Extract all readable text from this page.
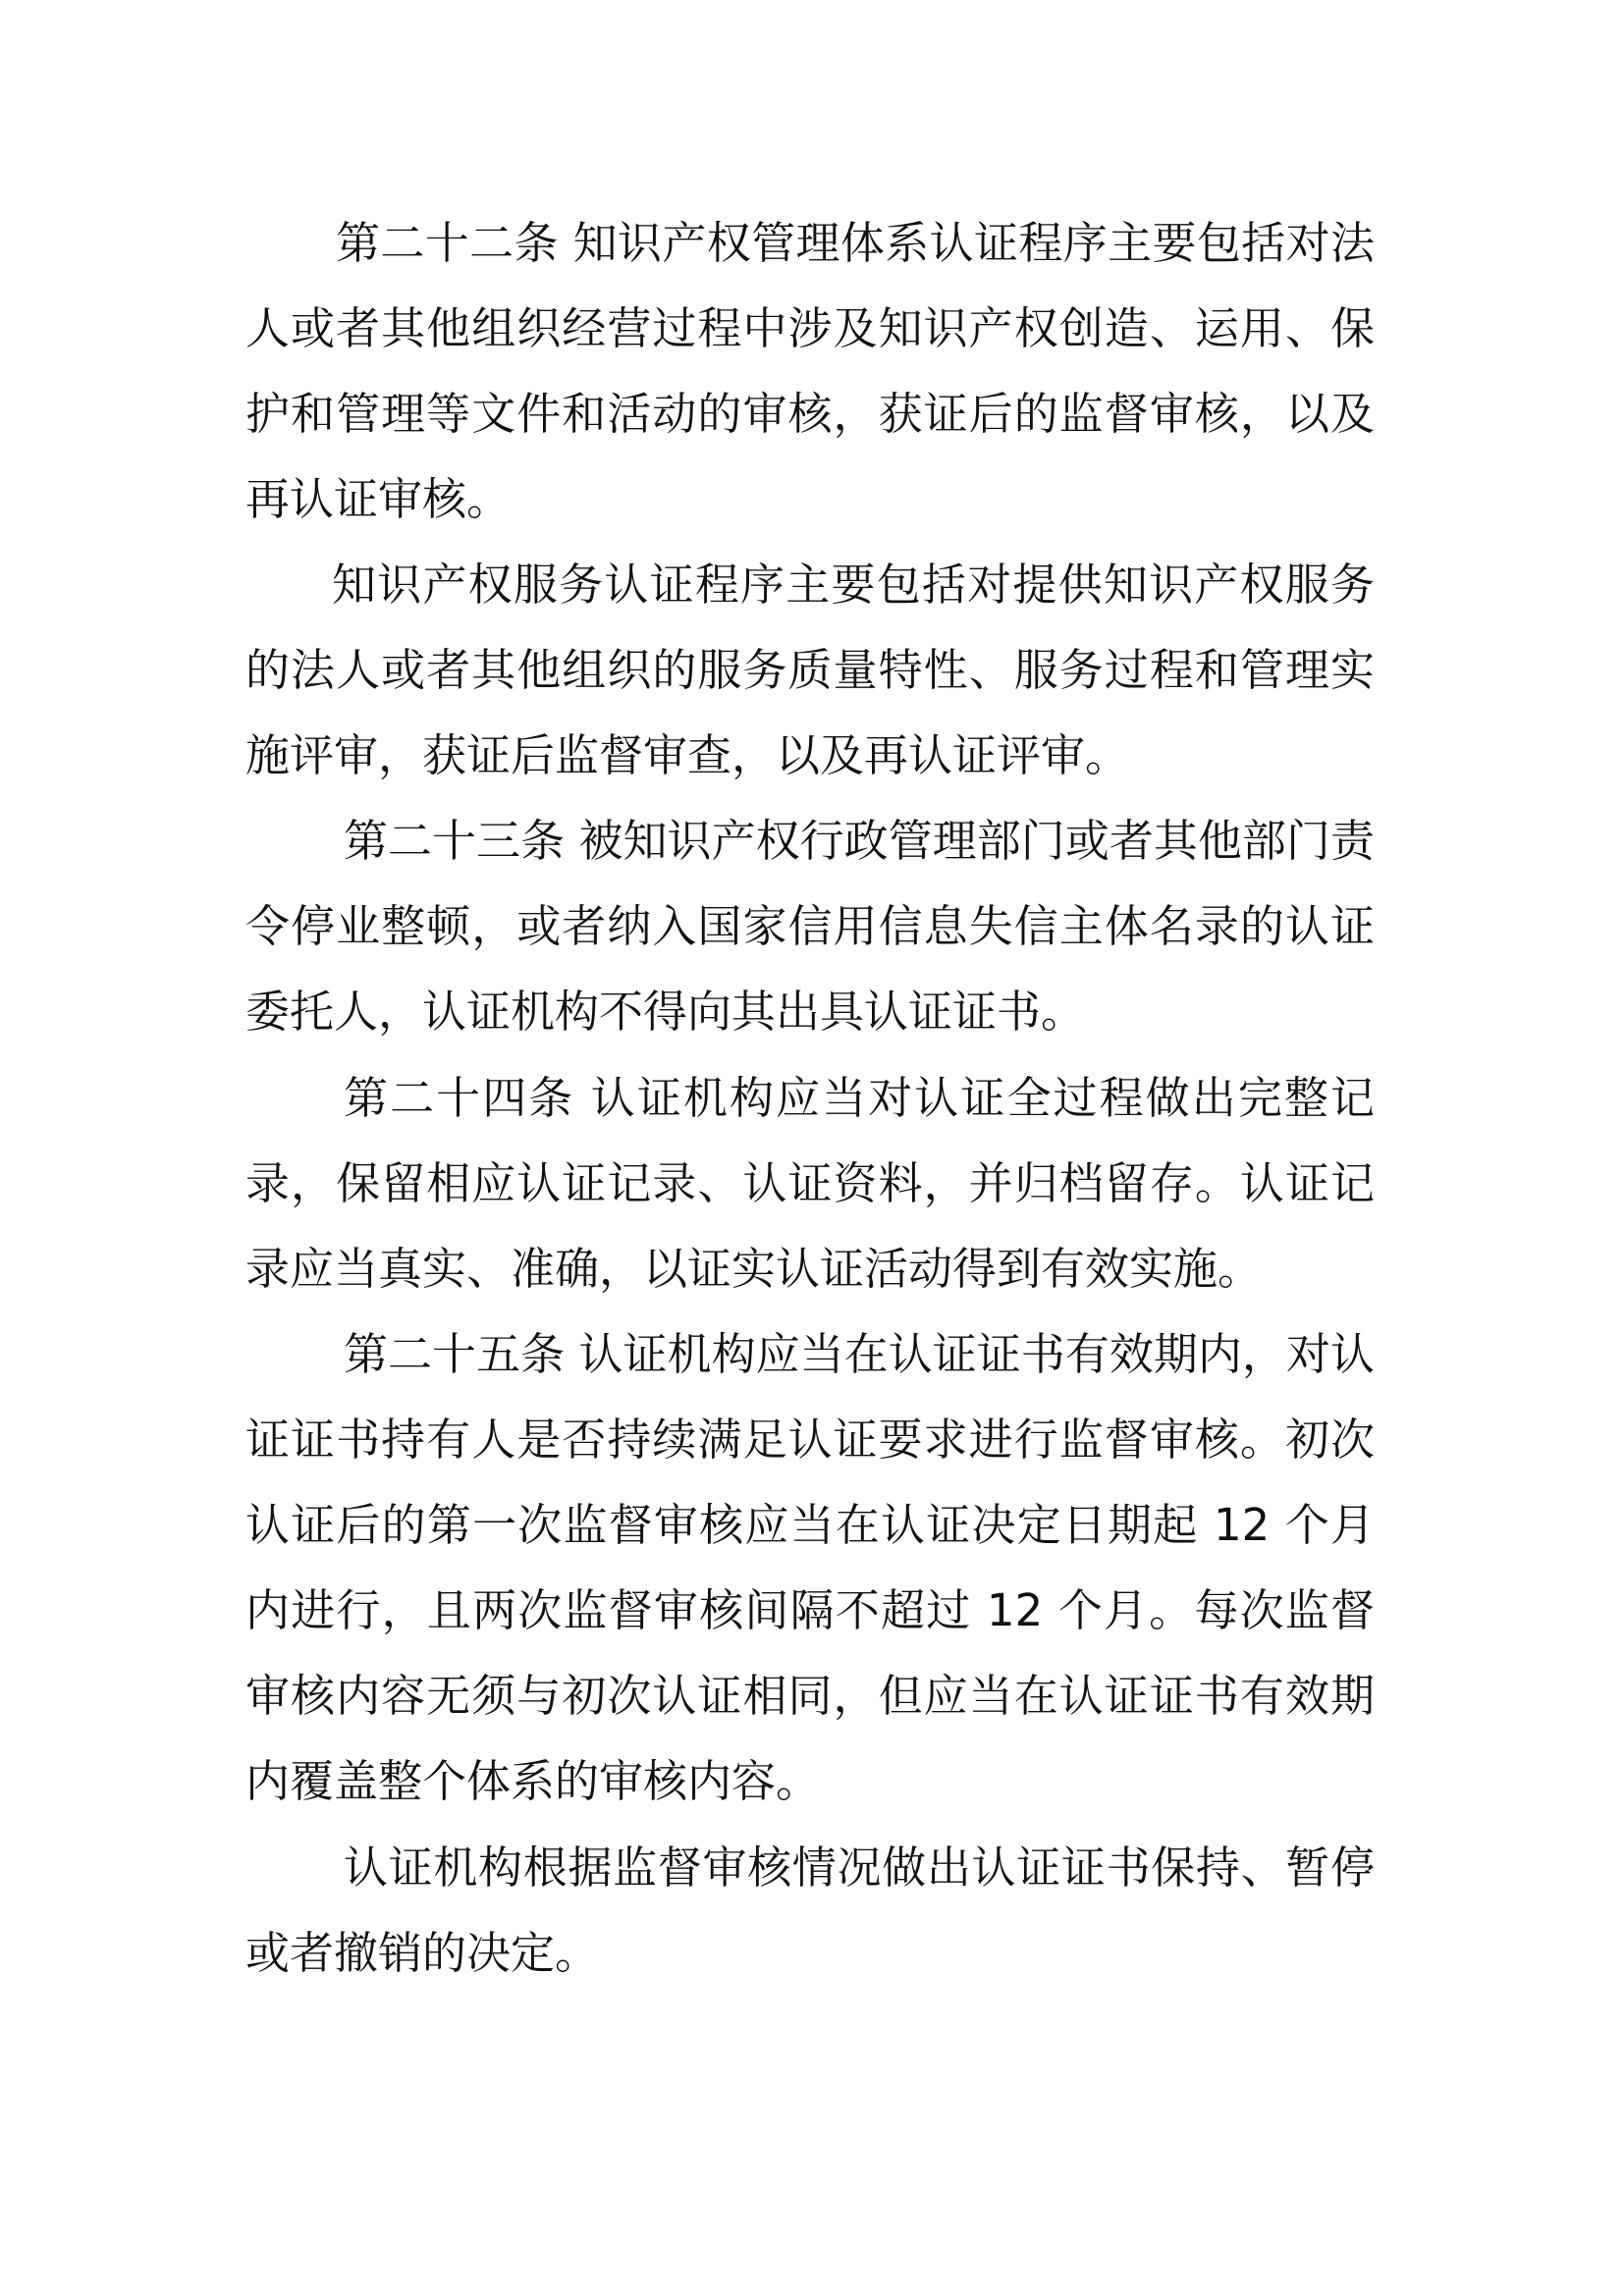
第二十二条 知识产权管理体系认证程序主要包括对法人或者其他组织经营过程中涉及知识产权创造、运用、保护和管理等文件和活动的审核，获证后的监督审核，以及再认证审核。

知识产权服务认证程序主要包括对提供知识产权服务的法人或者其他组织的服务质量特性、服务过程和管理实施评审，获证后监督审查，以及再认证评审。

第二十三条 被知识产权行政管理部门或者其他部门责令停业整顿，或者纳入国家信用信息失信主体名录的认证委托人，认证机构不得向其出具认证证书。

第二十四条 认证机构应当对认证全过程做出完整记录，保留相应认证记录、认证资料，并归档留存。认证记录应当真实、准确，以证实认证活动得到有效实施。

第二十五条 认证机构应当在认证证书有效期内，对认证证书持有人是否持续满足认证要求进行监督审核。初次认证后的第一次监督审核应当在认证决定日期起 12 个月内进行，且两次监督审核间隔不超过 12 个月。每次监督审核内容无须与初次认证相同，但应当在认证证书有效期内覆盖整个体系的审核内容。

认证机构根据监督审核情况做出认证证书保持、暂停或者撤销的决定。
